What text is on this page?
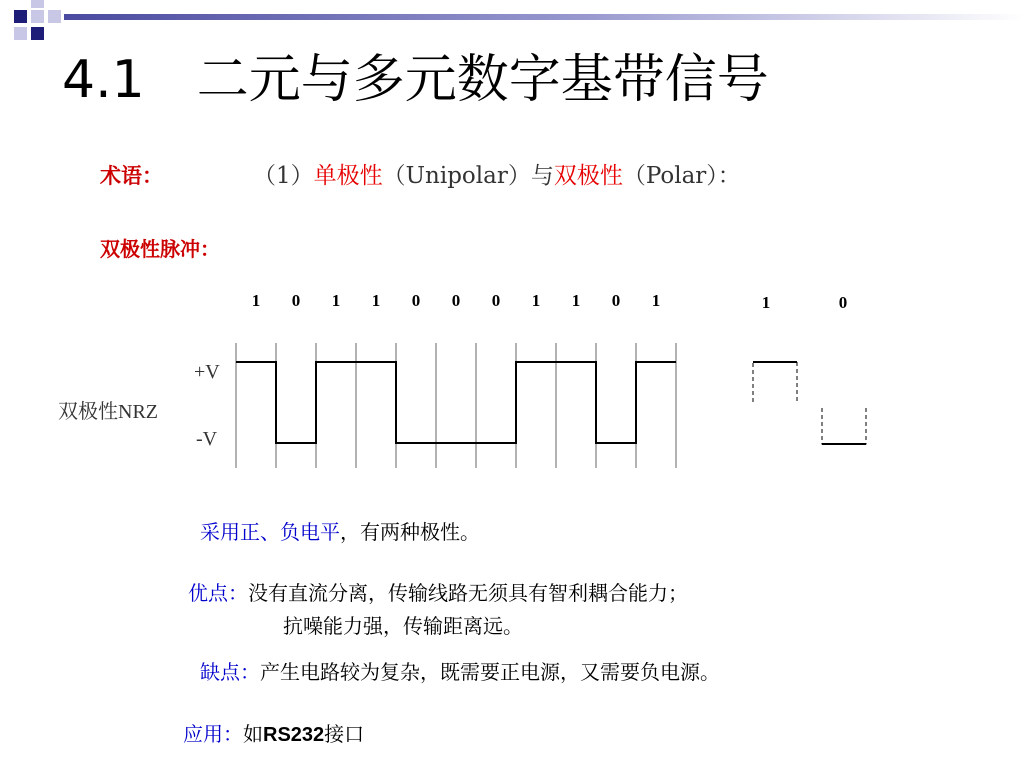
4.1　二元与多元数字基带信号
术语：	（1）单极性（Unipolar）与双极性（Polar）：
双极性脉冲：
1 0 1 1 0 0 0 1 1 0 1	1	0
双极性NRZ
+V
-V
采用正、负电平，有两种极性。
优点：没有直流分离，传输线路无须具有智利耦合能力；
抗噪能力强，传输距离远。
缺点：产生电路较为复杂，既需要正电源，又需要负电源。
应用：如RS232接口
